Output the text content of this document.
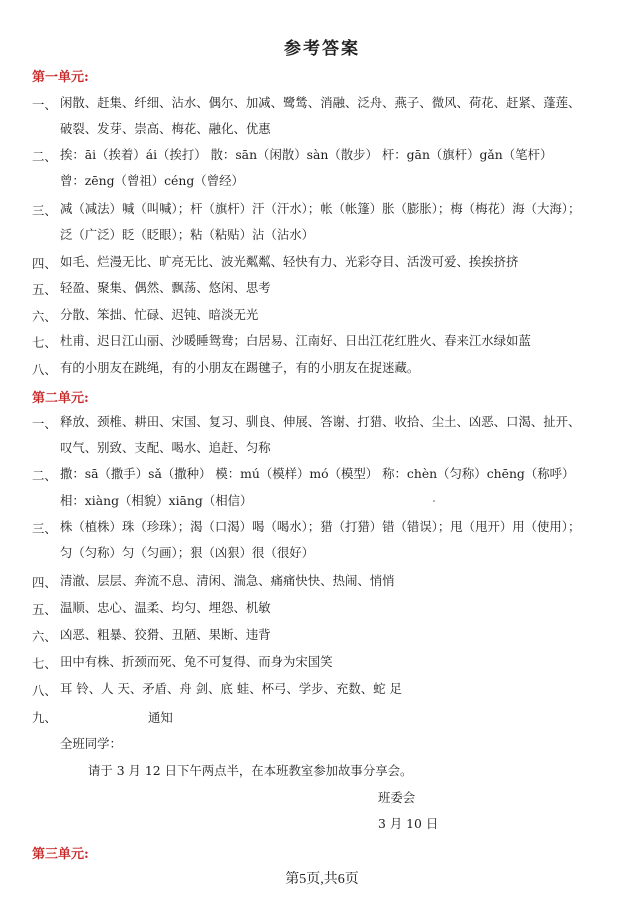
参考答案
第一单元:
一、 闲散、赶集、纤细、沾水、偶尔、加减、鹭鸶、消融、泛舟、燕子、微风、荷花、赶紧、蓬莲、
破裂、发芽、崇高、梅花、融化、优惠
二、 挨：āi（挨着）ái（挨打） 散：sān（闲散）sàn（散步） 杆：gān（旗杆）gǎn（笔杆）
曾：zēng（曾祖）céng（曾经）
三、 减（减法）喊（叫喊）；杆（旗杆）汗（汗水）；帐（帐篷）胀（膨胀）；梅（梅花）海（大海）；
泛（广泛）眨（眨眼）；粘（粘贴）沾（沾水）
四、 如毛、烂漫无比、旷亮无比、波光粼粼、轻快有力、光彩夺目、活泼可爱、挨挨挤挤
五、 轻盈、聚集、偶然、飘荡、悠闲、思考
六、 分散、笨拙、忙碌、迟钝、暗淡无光
七、 杜甫、迟日江山丽、沙暖睡鸳鸯；白居易、江南好、日出江花红胜火、春来江水绿如蓝
八、 有的小朋友在跳绳，有的小朋友在踢毽子，有的小朋友在捉迷藏。
第二单元:
一、 释放、颈椎、耕田、宋国、复习、驯良、伸展、答谢、打猎、收拾、尘土、凶恶、口渴、扯开、
叹气、别致、支配、喝水、追赶、匀称
二、 撒：sā（撒手）sǎ（撒种） 模：mú（模样）mó（模型） 称：chèn（匀称）chēng（称呼）
相：xiàng（相貌）xiāng（相信）
三、 株（植株）珠（珍珠）；渴（口渴）喝（喝水）；猎（打猎）错（错误）；甩（甩开）用（使用）；
匀（匀称）匀（匀画）；狠（凶狠）很（很好）
四、 清澈、层层、奔流不息、清闲、湍急、痛痛快快、热闹、悄悄
五、 温顺、忠心、温柔、均匀、埋怨、机敏
六、 凶恶、粗暴、狡猾、丑陋、果断、违背
七、 田中有株、折颈而死、兔不可复得、而身为宋国笑
八、 耳 铃、人 天、矛盾、舟 剑、底 蛙、杯弓、学步、充数、蛇 足
九、	通知
全班同学：
请于 3 月 12 日下午两点半，在本班教室参加故事分享会。
班委会
3 月 10 日
第三单元:
第5页,共6页
